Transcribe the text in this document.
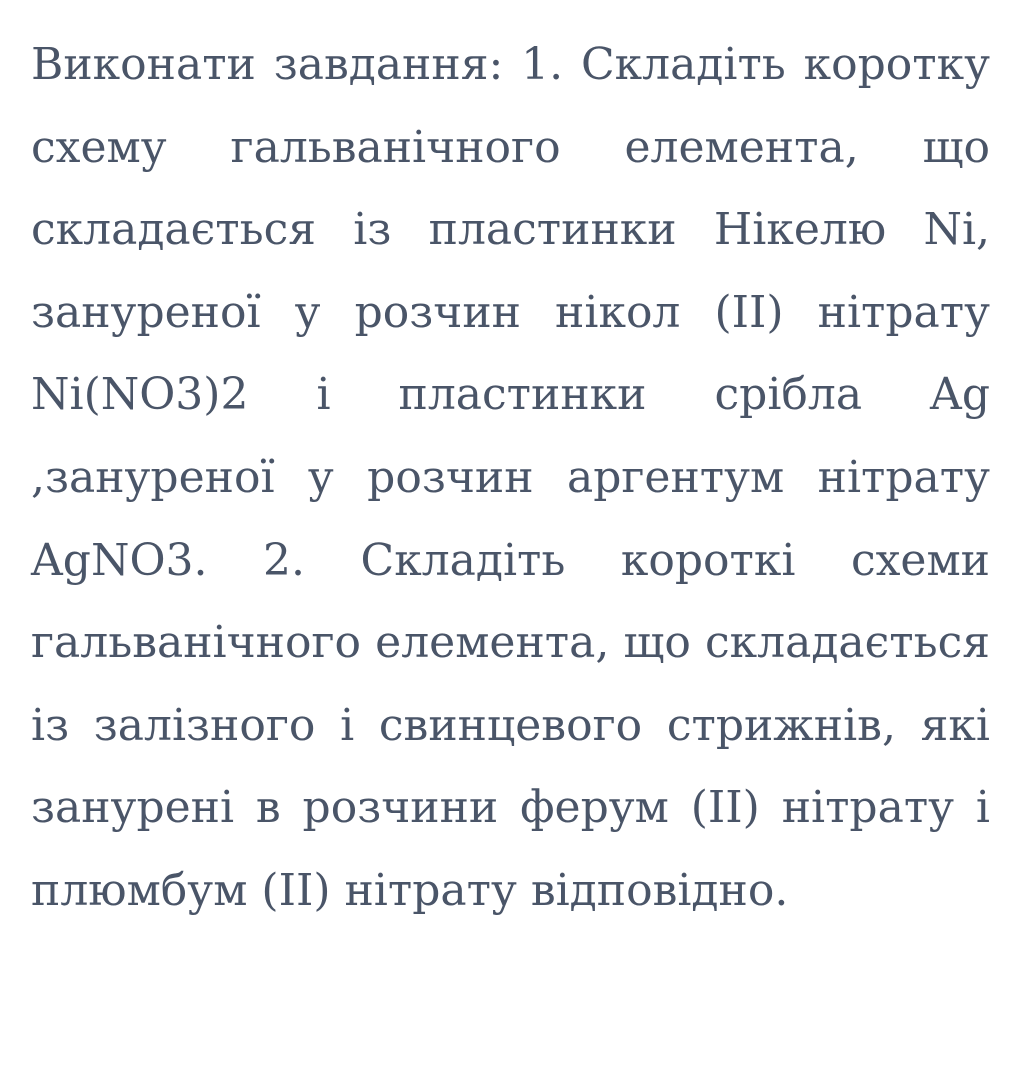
Виконати завдання: 1. Складіть коротку схему гальванічного елемента, що складається із пластинки Нікелю Ni, зануреної у розчин нікол (II) нітрату Ni(NO3)2 і пластинки срібла Ag ,зануреної у розчин аргентум нітрату AgNO3. 2. Складіть короткі схеми гальванічного елемента, що складається із залізного і свинцевого стрижнів, які занурені в розчини ферум (II) нітрату і плюмбум (II) нітрату відповідно.
